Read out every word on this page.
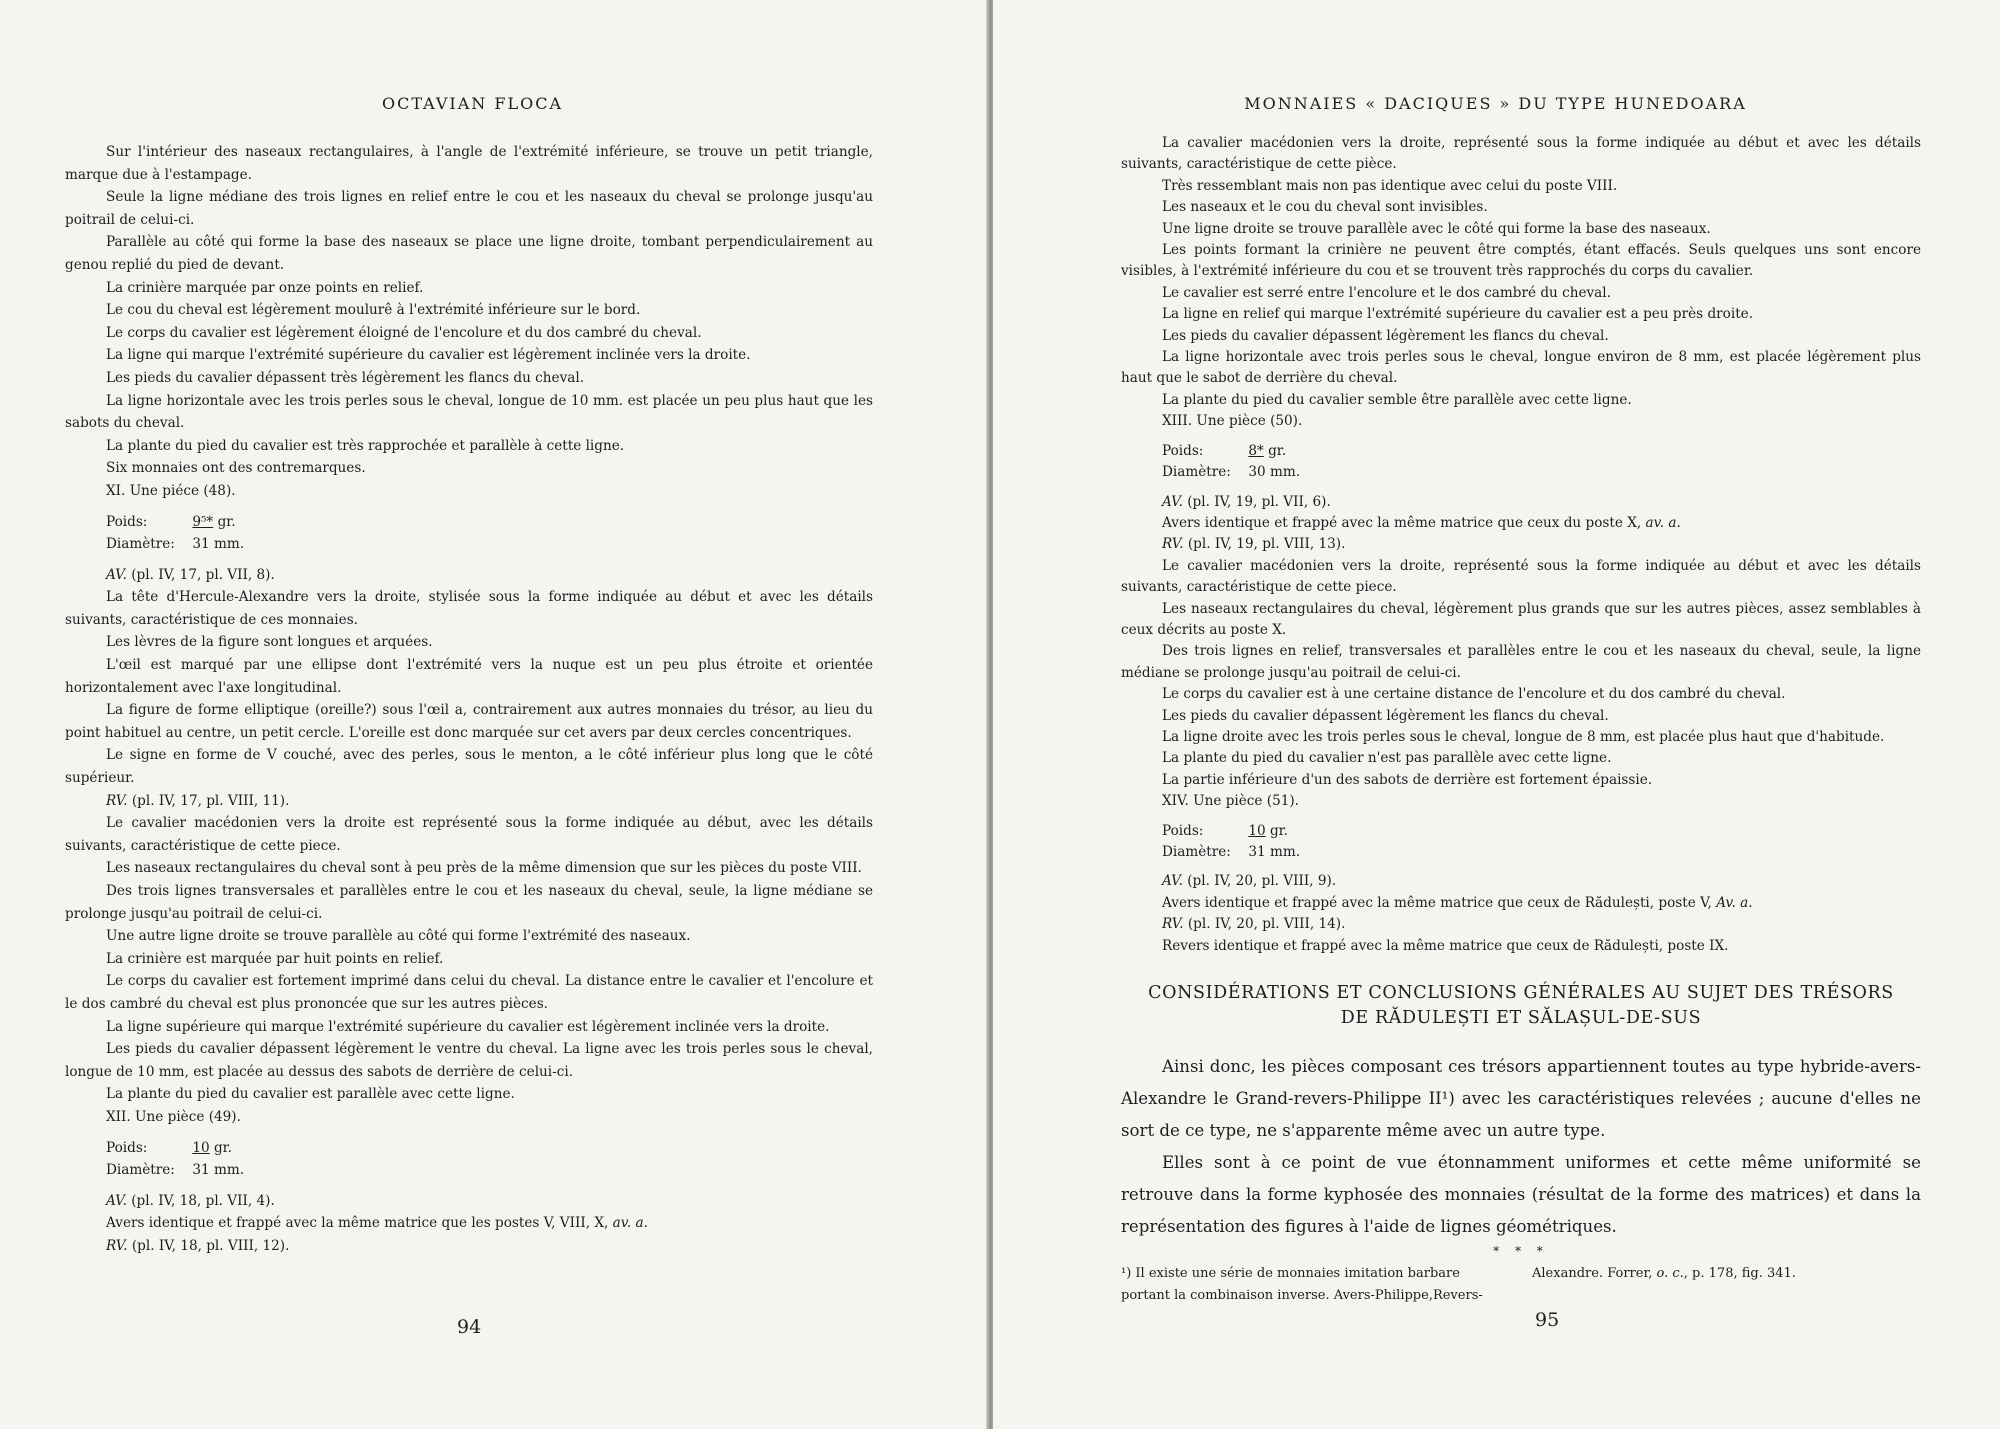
OCTAVIAN FLOCA

Sur l'intérieur des naseaux rectangulaires, à l'angle de l'extrémité inférieure, se trouve un petit triangle, marque due à l'estampage.

Seule la ligne médiane des trois lignes en relief entre le cou et les naseaux du cheval se prolonge jusqu'au poitrail de celui-ci.

Parallèle au côté qui forme la base des naseaux se place une ligne droite, tombant perpendiculairement au genou replié du pied de devant.

La crinière marquée par onze points en relief.

Le cou du cheval est légèrement moulurê à l'extrémité inférieure sur le bord.

Le corps du cavalier est légèrement éloigné de l'encolure et du dos cambré du cheval.

La ligne qui marque l'extrémité supérieure du cavalier est légèrement inclinée vers la droite.

Les pieds du cavalier dépassent très légèrement les flancs du cheval.

La ligne horizontale avec les trois perles sous le cheval, longue de 10 mm. est placée un peu plus haut que les sabots du cheval.

La plante du pied du cavalier est très rapprochée et parallèle à cette ligne.

Six monnaies ont des contremarques.

XI. Une piéce (48).

Poids:	9⁵* gr.
Diamètre: 31 mm.

AV. (pl. IV, 17, pl. VII, 8).

La tête d'Hercule-Alexandre vers la droite, stylisée sous la forme indiquée au début et avec les détails suivants, caractéristique de ces monnaies.

Les lèvres de la figure sont longues et arquées.

L'œil est marqué par une ellipse dont l'extrémité vers la nuque est un peu plus étroite et orientée horizontalement avec l'axe longitudinal.

La figure de forme elliptique (oreille?) sous l'œil a, contrairement aux autres monnaies du trésor, au lieu du point habituel au centre, un petit cercle. L'oreille est donc marquée sur cet avers par deux cercles concentriques.

Le signe en forme de V couché, avec des perles, sous le menton, a le côté inférieur plus long que le côté supérieur.

RV. (pl. IV, 17, pl. VIII, 11).

Le cavalier macédonien vers la droite est représenté sous la forme indiquée au début, avec les détails suivants, caractéristique de cette piece.

Les naseaux rectangulaires du cheval sont à peu près de la même dimension que sur les pièces du poste VIII.

Des trois lignes transversales et parallèles entre le cou et les naseaux du cheval, seule, la ligne médiane se prolonge jusqu'au poitrail de celui-ci.

Une autre ligne droite se trouve parallèle au côté qui forme l'extrémité des naseaux.

La crinière est marquée par huit points en relief.

Le corps du cavalier est fortement imprimé dans celui du cheval. La distance entre le cavalier et l'encolure et le dos cambré du cheval est plus prononcée que sur les autres pièces.

La ligne supérieure qui marque l'extrémité supérieure du cavalier est légèrement inclinée vers la droite.

Les pieds du cavalier dépassent légèrement le ventre du cheval. La ligne avec les trois perles sous le cheval, longue de 10 mm, est placée au dessus des sabots de derrière de celui-ci.

La plante du pied du cavalier est parallèle avec cette ligne.

XII. Une pièce (49).

Poids:	10 gr.
Diamètre: 31 mm.

AV. (pl. IV, 18, pl. VII, 4).

Avers identique et frappé avec la même matrice que les postes V, VIII, X, av. a.

RV. (pl. IV, 18, pl. VIII, 12).

94
MONNAIES « DACIQUES » DU TYPE HUNEDOARA

La cavalier macédonien vers la droite, représenté sous la forme indiquée au début et avec les détails suivants, caractéristique de cette pièce.

Très ressemblant mais non pas identique avec celui du poste VIII.

Les naseaux et le cou du cheval sont invisibles.

Une ligne droite se trouve parallèle avec le côté qui forme la base des naseaux.

Les points formant la crinière ne peuvent être comptés, étant effacés. Seuls quelques uns sont encore visibles, à l'extrémité inférieure du cou et se trouvent très rapprochés du corps du cavalier.

Le cavalier est serré entre l'encolure et le dos cambré du cheval.

La ligne en relief qui marque l'extrémité supérieure du cavalier est a peu près droite.

Les pieds du cavalier dépassent légèrement les flancs du cheval.

La ligne horizontale avec trois perles sous le cheval, longue environ de 8 mm, est placée légèrement plus haut que le sabot de derrière du cheval.

La plante du pied du cavalier semble être parallèle avec cette ligne.

XIII. Une pièce (50).

Poids:	8* gr.
Diamètre: 30 mm.

AV. (pl. IV, 19, pl. VII, 6).

Avers identique et frappé avec la même matrice que ceux du poste X, av. a.

RV. (pl. IV, 19, pl. VIII, 13).

Le cavalier macédonien vers la droite, représenté sous la forme indiquée au début et avec les détails suivants, caractéristique de cette piece.

Les naseaux rectangulaires du cheval, légèrement plus grands que sur les autres pièces, assez semblables à ceux décrits au poste X.

Des trois lignes en relief, transversales et parallèles entre le cou et les naseaux du cheval, seule, la ligne médiane se prolonge jusqu'au poitrail de celui-ci.

Le corps du cavalier est à une certaine distance de l'encolure et du dos cambré du cheval.

Les pieds du cavalier dépassent légèrement les flancs du cheval.

La ligne droite avec les trois perles sous le cheval, longue de 8 mm, est placée plus haut que d'habitude.

La plante du pied du cavalier n'est pas parallèle avec cette ligne.

La partie inférieure d'un des sabots de derrière est fortement épaissie.

XIV. Une pièce (51).

Poids:	10 gr.
Diamètre: 31 mm.

AV. (pl. IV, 20, pl. VIII, 9).

Avers identique et frappé avec la même matrice que ceux de Rădulești, poste V, Av. a.

RV. (pl. IV, 20, pl. VIII, 14).

Revers identique et frappé avec la même matrice que ceux de Rădulești, poste IX.

CONSIDÉRATIONS ET CONCLUSIONS GÉNÉRALES AU SUJET DES TRÉSORS
DE RĂDULEȘTI ET SĂLAȘUL-DE-SUS

Ainsi donc, les pièces composant ces trésors appartiennent toutes au type hybride-avers-Alexandre le Grand-revers-Philippe II¹) avec les caractéristiques relevées ; aucune d'elles ne sort de ce type, ne s'apparente même avec un autre type.

Elles sont à ce point de vue étonnamment uniformes et cette même uniformité se retrouve dans la forme kyphosée des monnaies (résultat de la forme des matrices) et dans la représentation des figures à l'aide de lignes géométriques.

* * *
¹) Il existe une série de monnaies imitation barbare portant la combinaison inverse. Avers-Philippe,Revers-
Alexandre. Forrer, o. c., p. 178, fig. 341.
95
